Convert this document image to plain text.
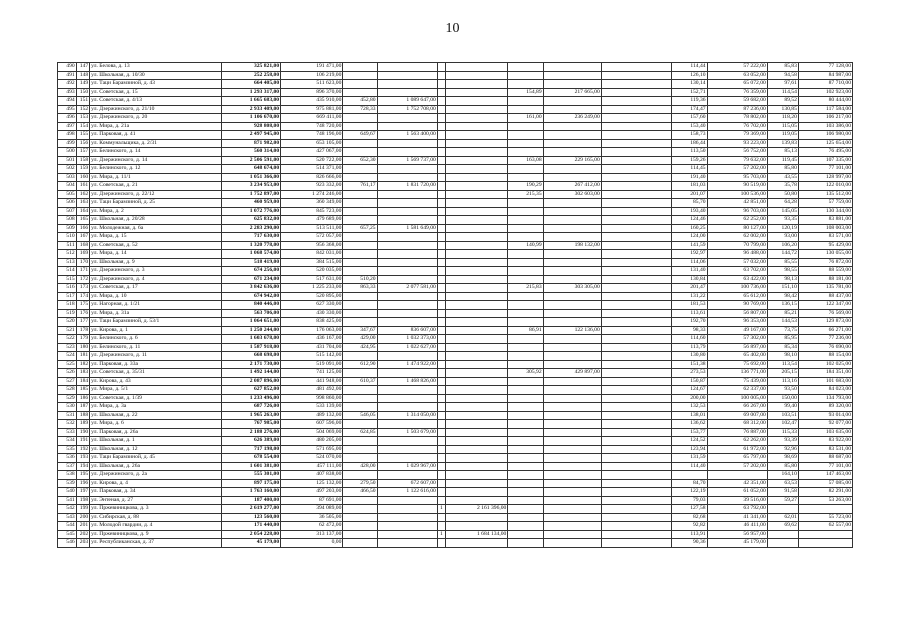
10
490	147	ул. Белова, д. 13	325 821,00	191 471,00								114,44	57 222,00	85,83	77 128,00
491	148	ул. Школьная, д. 10/30	252 258,00	106 219,00								126,10	63 052,00	94,58	84 987,00
492	149	ул. Таци Барамзиной, д. 43	664 405,00	511 623,00								130,14	65 072,00	97,61	87 710,00
493	150	ул. Советская, д. 15	1 293 317,00	896 370,00					154,89	217 665,00		152,71	76 359,00	114,54	102 923,00
494	151	ул. Советская, д. 4/13	1 665 683,00	435 910,00	452,80	1 089 647,00						119,36	59 682,00	89,52	80 444,00
495	152	ул. Дзержинского, д. 21/10	2 933 409,00	975 881,00	728,33	1 752 708,00						174,47	87 236,00	130,85	117 584,00
496	153	ул. Дзержинского, д. 20	1 106 670,00	669 411,00					161,00	236 249,00		157,60	78 802,00	118,20	106 217,00
497	154	ул. Мира, д. 21а	928 808,00	748 720,00								153,40	76 702,00	115,05	103 386,00
498	155	ул. Парковая, д. 41	2 497 945,00	748 196,00	649,67	1 563 400,00						158,73	79 369,00	119,05	106 980,00
499	156	ул. Коммунальщика, д. 2/31	871 982,00	653 105,00								186,44	93 223,00	139,83	125 654,00
500	157	ул. Белинского, д. 14	560 314,00	427 067,00								113,50	56 752,00	85,13	76 495,00
501	158	ул. Дзержинского, д. 14	2 506 591,00	520 722,00	652,30	1 569 737,00			163,08	229 165,00		159,26	79 632,00	119,45	107 335,00
502	159	ул. Белинского, д. 12	648 674,00	514 371,00								114,45	57 202,00	85,80	77 101,00
503	160	ул. Мира, д. 11/1	1 051 366,00	826 666,00								191,40	95 703,00	43,55	128 997,00
504	161	ул. Советская, д. 21	3 234 953,00	923 332,00	761,17	1 831 720,00			190,29	267 412,00		181,03	90 519,00	35,78	122 010,00
505	162	ул. Дзержинского, д. 22/12	1 752 897,00	1 274 246,00					215,35	302 603,00		201,07	100 536,00	50,80	135 512,00
506	163	ул. Таци Барамзиной, д. 25	460 959,00	360 349,00								85,70	42 851,00	64,28	57 759,00
507	164	ул. Мира, д. 2	1 072 776,00	845 723,00								193,40	96 703,00	145,05	130 344,00
508	165	ул. Школьная, д. 20/28	625 832,00	479 689,00								124,46	62 252,00	93,35	83 881,00
509	166	ул. Молодежная, д. 6а	2 283 290,00	513 511,00	657,25	1 581 649,00						160,25	80 127,00	120,19	108 003,00
510	167	ул. Мира, д. 15	717 630,00	572 057,00								124,00	62 002,00	93,00	83 571,00
511	168	ул. Советская, д. 52	1 320 778,00	956 368,00					140,99	198 132,00		141,59	70 799,00	106,20	95 429,00
512	169	ул. Мира, д. 14	1 068 574,00	842 031,00								192,97	96 488,00	144,72	130 055,00
513	170	ул. Школьная, д. 9	518 419,00	384 515,00								114,06	57 032,00	85,55	76 872,00
514	171	ул. Дзержинского, д. 3	674 256,00	520 035,00								131,40	63 702,00	98,55	88 559,00
515	172	ул. Дзержинского, д. 4	671 234,00	517 631,00	510,20							130,84	63 422,00	98,13	88 181,00
516	173	ул. Советская, д. 17	3 842 636,00	1 225 233,00	863,33	2 077 581,00			215,83	303 305,00		201,47	100 736,00	151,10	135 781,00
517	174	ул. Мира, д. 10	674 942,00	520 895,00								131,22	65 612,00	98,42	88 437,00
518	175	ул. Нагорная, д. 1/21	840 446,00	627 330,00								181,53	90 769,00	136,15	122 347,00
519	176	ул. Мира, д. 31а	563 706,00	430 330,00								113,61	56 807,00	85,21	76 569,00
520	177	ул. Таци Барамзиной, д. 53/1	1 064 651,00	838 425,00								192,70	96 353,00	144,53	129 873,00
521	178	ул. Кирова, д. 1	1 250 244,00	176 063,00	347,67	836 607,00			86,91	122 136,00		98,33	49 167,00	73,75	66 271,00
522	179	ул. Белинского, д. 6	1 603 678,00	436 167,00	429,00	1 032 373,00						114,60	57 302,00	85,95	77 236,00
523	180	ул. Белинского, д. 11	1 587 918,00	431 704,00	424,95	1 022 627,00						113,79	56 897,00	85,34	76 690,00
524	181	ул. Дзержинского, д. 11	668 698,00	515 142,00								130,80	65 402,00	98,10	88 154,00
525	182	ул. Парковая, д. 33а	2 171 730,00	519 091,00	612,90	1 474 922,00						151,38	75 692,00	113,54	102 025,00
526	183	ул. Советская, д. 35/31	1 492 144,00	741 125,00					305,92	429 897,00		273,53	136 771,00	205,15	184 351,00
527	184	ул. Кирова, д. 43	2 087 896,00	441 948,00	610,37	1 468 826,00						150,87	75 439,00	113,16	101 683,00
528	185	ул. Мира, д. 5/1	627 852,00	481 492,00								124,67	62 337,00	93,50	84 023,00
529	186	ул. Советская, д. 1/39	1 233 496,00	998 860,00								200,00	100 005,00	150,00	134 793,00
530	187	ул. Мира, д. 3а	687 726,00	533 139,00								132,53	66 267,00	99,40	89 320,00
531	188	ул. Школьная, д. 22	1 965 263,00	489 132,00	546,05	1 314 050,00						138,01	69 007,00	103,51	93 014,00
532	189	ул. Мира, д. 6	767 985,00	607 596,00								136,62	68 312,00	102,47	92 077,00
533	190	ул. Парковая, д. 26а	2 188 276,00	504 069,00	624,85	1 503 679,00						153,77	76 887,00	115,33	103 635,00
534	191	ул. Школьная, д. 1	626 389,00	480 205,00								124,52	62 262,00	93,39	83 922,00
535	192	ул. Школьная, д. 12	717 198,00	571 695,00								123,94	61 972,00	92,96	83 531,00
536	193	ул. Таци Барамзиной, д. 45	678 554,00	524 070,00								131,59	65 797,00	98,69	88 687,00
537	194	ул. Школьная, д. 26а	1 601 381,00	457 111,00	428,00	1 029 967,00						114,40	57 202,00	85,80	77 101,00
538	195	ул. Дзержинского, д. 2а	555 301,00	407 838,00										164,10	147 463,00
539	196	ул. Кирова, д. 4	897 175,00	125 132,00	279,50	672 607,00						84,70	42 351,00	63,53	57 085,00
540	197	ул. Парковая, д. 34	1 763 160,00	497 203,00	466,50	1 122 616,00						122,19	61 052,00	91,58	82 291,00
541	198	ул. Энтеная, д. 27	187 400,00	87 691,00								79,03	39 516,00	59,27	53 263,00
542	199	ул. Пржевиницкова, д. 3	2 619 277,00	394 089,00			1	2 161 396,00				127,58	63 792,00		
543	200	ул. Сибирская, д. 88	123 560,00	36 505,00								82,68	41 341,00	62,01	55 723,00
544	201	ул. Молодой гвардии, д. 4	171 440,00	62 472,00								92,82	46 411,00	69,62	62 557,00
545	202	ул. Пржевиницкова, д. 9	2 054 228,00	313 137,00			1	1 684 134,00				113,91	56 957,00		
546	203	ул. Республиканская, д. 37	45 179,00	0,00								90,36	45 179,00		
